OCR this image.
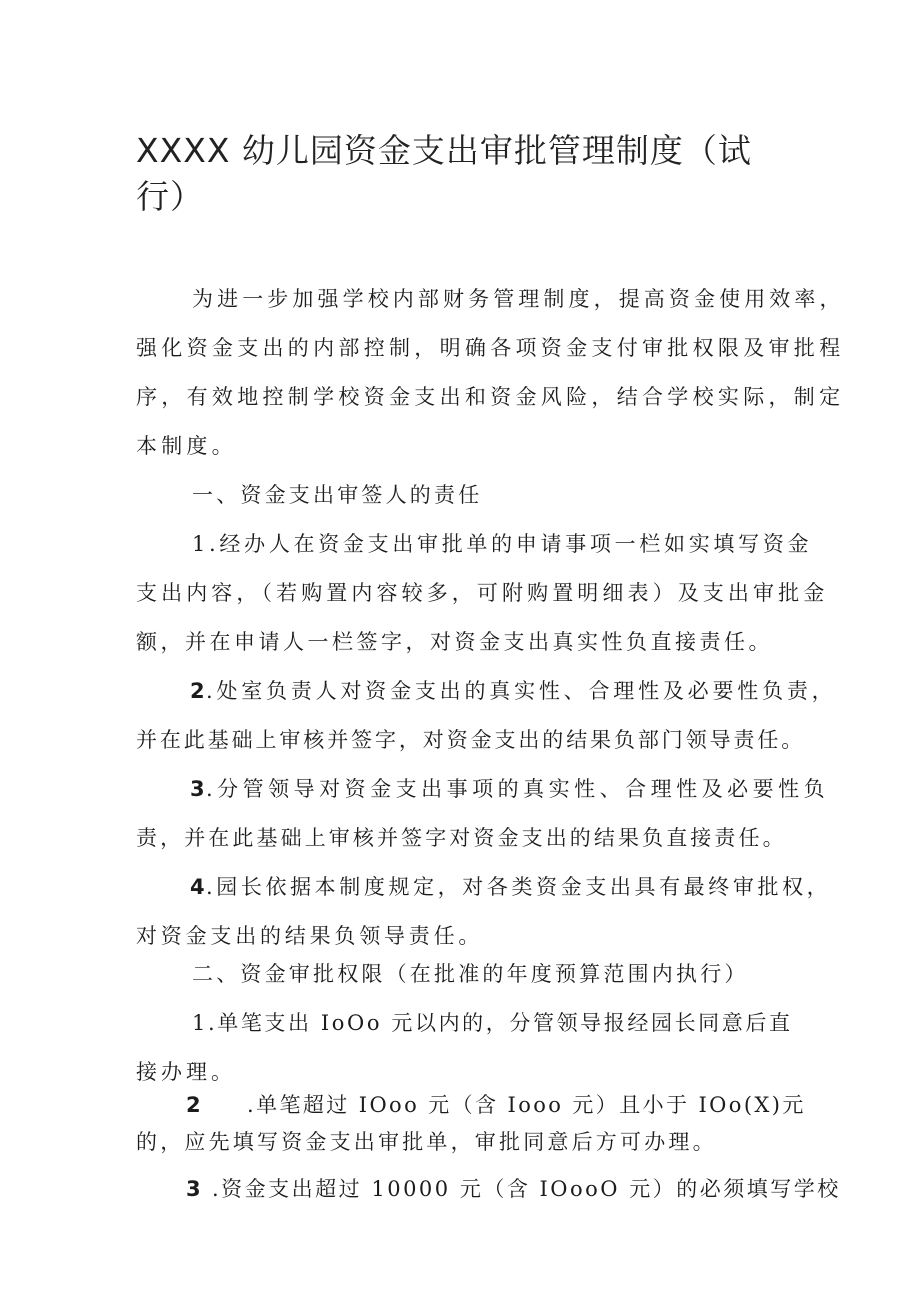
XXXX 幼儿园资金支出审批管理制度（试行）
为进一步加强学校内部财务管理制度，提高资金使用效率，
强化资金支出的内部控制，明确各项资金支付审批权限及审批程
序，有效地控制学校资金支出和资金风险，结合学校实际，制定
本制度。
一、资金支出审签人的责任
1.经办人在资金支出审批单的申请事项一栏如实填写资金
支出内容，（若购置内容较多，可附购置明细表）及支出审批金
额，并在申请人一栏签字，对资金支出真实性负直接责任。
2 .处室负责人对资金支出的真实性、合理性及必要性负责，
并在此基础上审核并签字，对资金支出的结果负部门领导责任。
3 .分管领导对资金支出事项的真实性、合理性及必要性负
责，并在此基础上审核并签字对资金支出的结果负直接责任。
4 .园长依据本制度规定，对各类资金支出具有最终审批权，
对资金支出的结果负领导责任。
二、资金审批权限（在批准的年度预算范围内执行）
1.单笔支出 IoOo 元以内的，分管领导报经园长同意后直
接办理。
2 .单笔超过 IOoo 元（含 Iooo 元）且小于 IOo(X)元
的，应先填写资金支出审批单，审批同意后方可办理。
3 .资金支出超过 10000 元（含 IOooO 元）的必须填写学校
